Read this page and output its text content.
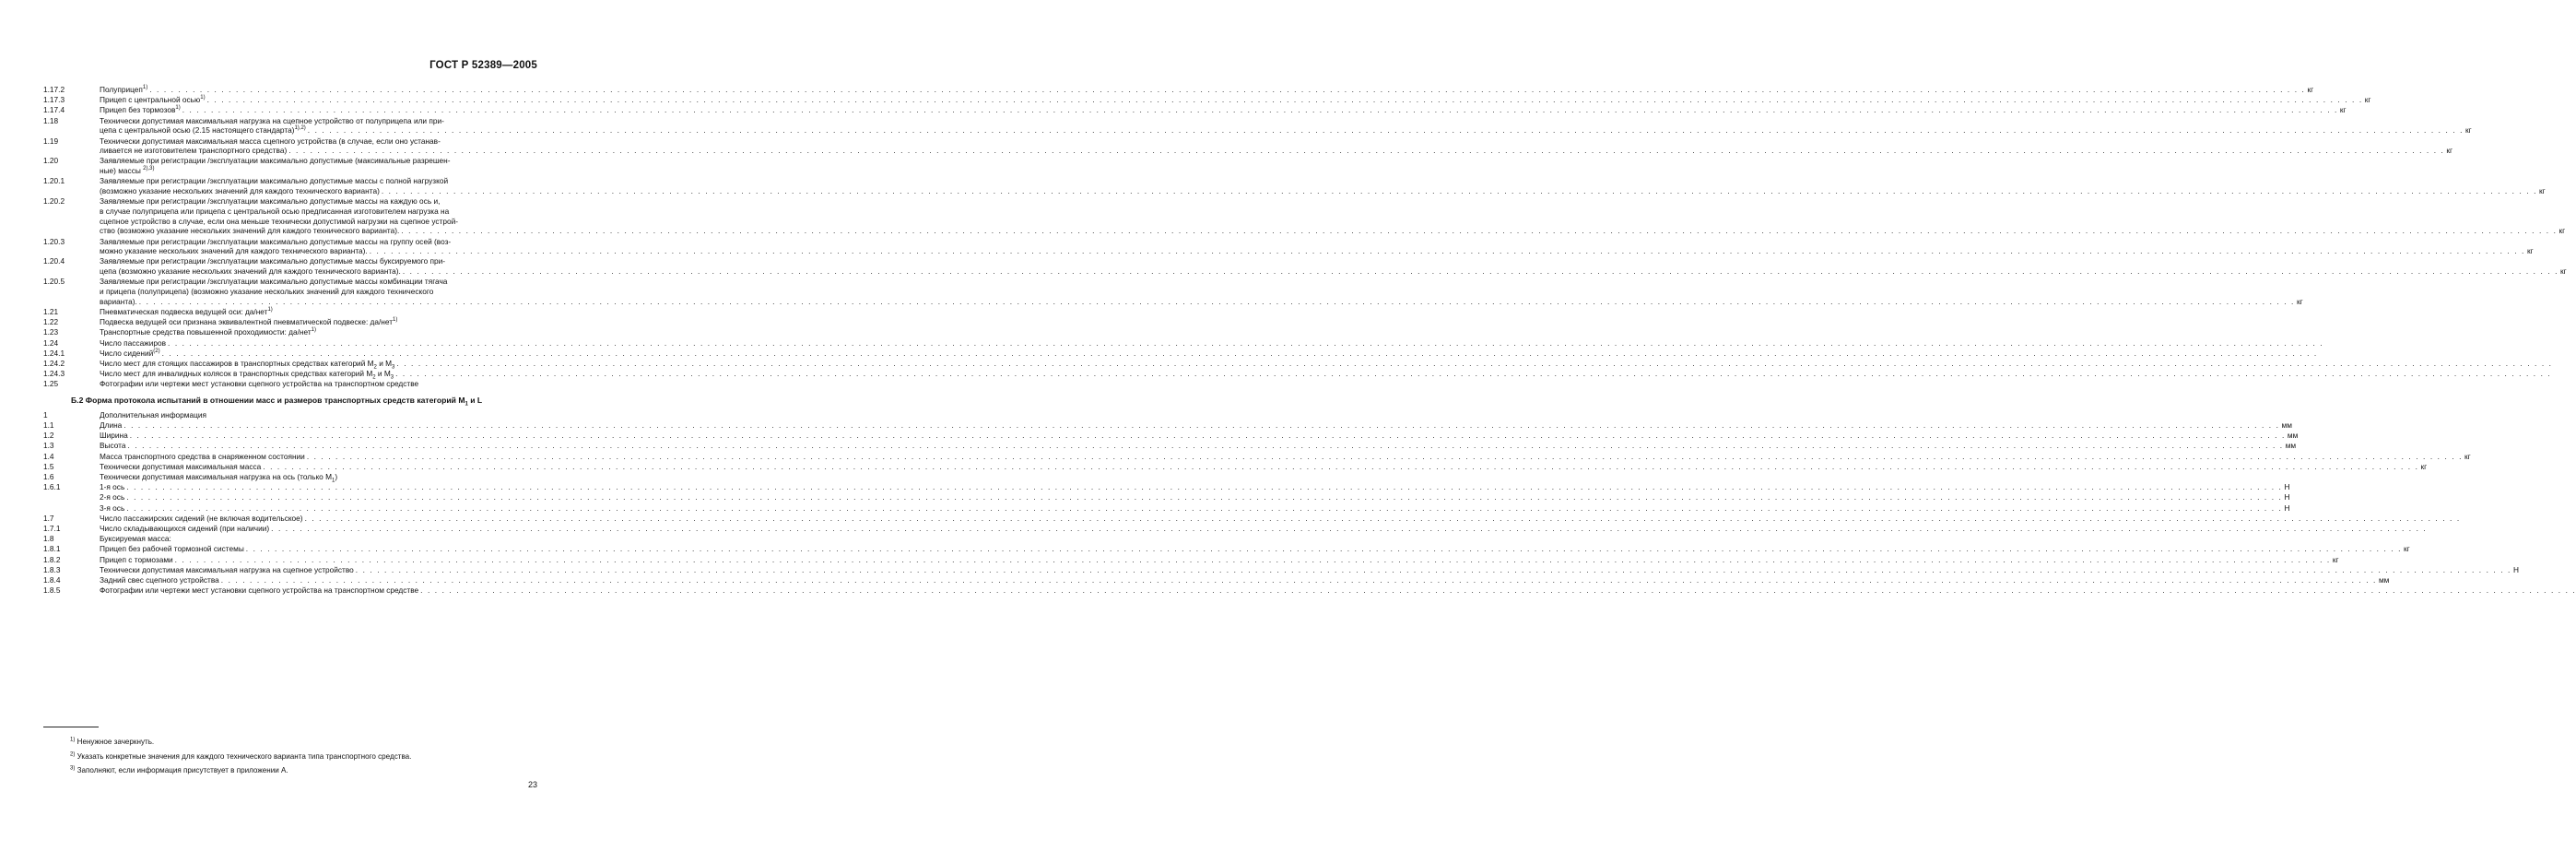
ГОСТ Р 52389—2005
1.17.2	Полуприцеп$^{1)}$ . . .	кг
1.17.3	Прицеп с центральной осью$^{1)}$ . . .	кг
1.17.4	Прицеп без тормозов$^{1)}$ . . .	кг
1.18	Технически допустимая максимальная нагрузка на сцепное устройство от полуприцепа или при-
цепа с центральной осью (2.15 настоящего стандарта)$^{1),2)}$ . . .	кг
1.19	Технически допустимая максимальная масса сцепного устройства (в случае, если оно устанав-
ливается не изготовителем транспортного средства) . . .	кг
1.20	Заявляемые при регистрации /эксплуатации максимально допустимые (максимальные разрешен-
ные) массы $^{2),3)}$
1.20.1	Заявляемые при регистрации /эксплуатации максимально допустимые массы с полной нагрузкой
(возможно указание нескольких значений для каждого технического варианта) . . .	кг
1.20.2	Заявляемые при регистрации /эксплуатации максимально допустимые массы на каждую ось и,
в случае полуприцепа или прицепа с центральной осью предписанная изготовителем нагрузка на
сцепное устройство в случае, если она меньше технически допустимой нагрузки на сцепное устрой-
ство (возможно указание нескольких значений для каждого технического варианта). . . .	кг
1.20.3	Заявляемые при регистрации /эксплуатации максимально допустимые массы на группу осей (воз-
можно указание нескольких значений для каждого технического варианта). . . .	кг
1.20.4	Заявляемые при регистрации /эксплуатации максимально допустимые массы буксируемого при-
цепа (возможно указание нескольких значений для каждого технического варианта). . . .	кг
1.20.5	Заявляемые при регистрации /эксплуатации максимально допустимые массы комбинации тягача
и прицепа (полуприцепа) (возможно указание нескольких значений для каждого технического
варианта). . . .	кг
1.21	Пневматическая подвеска ведущей оси: да/нет$^{1)}$
1.22	Подвеска ведущей оси признана эквивалентной пневматической подвеске: да/нет$^{1)}$
1.23	Транспортные средства повышенной проходимости: да/нет$^{1)}$
1.24	Число пассажиров
. . .
1.24.1	Число сидений$^{(2)}$
. . .
1.24.2	Число мест для стоящих пассажиров в транспортных средствах категорий $M_2$ и $M_3$
. . .
1.24.3	Число мест для инвалидных колясок в транспортных средствах категорий $M_2$ и $M_3$
. . .
1.25	Фотографии или чертежи мест установки сцепного устройства на транспортном средстве
Б.2 Форма протокола испытаний в отношении масс и размеров транспортных средств категорий $M_1$ и L
1	Дополнительная информация
1.1	Длина . . .	мм
1.2	Ширина . . .	мм
1.3	Высота . . .	мм
1.4	Масса транспортного средства в снаряженном состоянии . . .	кг
1.5	Технически допустимая максимальная масса . . .	кг
1.6	Технически допустимая максимальная нагрузка на ось (только $M_1$)
1.6.1	1-я ось . . .	Н
2-я ось . . .	Н
3-я ось . . .	Н
1.7	Число пассажирских сидений (не включая водительское)
. . .
1.7.1	Число складывающихся сидений (при наличии)
. . .
1.8	Буксируемая масса:
1.8.1	Прицеп без рабочей тормозной системы . . .	кг
1.8.2	Прицеп с тормозами . . .	кг
1.8.3	Технически допустимая максимальная нагрузка на сцепное устройство . . .	Н
1.8.4	Задний свес сцепного устройства . . .	мм
1.8.5	Фотографии или чертежи мест установки сцепного устройства на транспортном средстве
. . .
$^{1)}$ Ненужное зачеркнуть.
$^{2)}$ Указать конкретные значения для каждого технического варианта типа транспортного средства.
$^{3)}$ Заполняют, если информация присутствует в приложении А.
23
